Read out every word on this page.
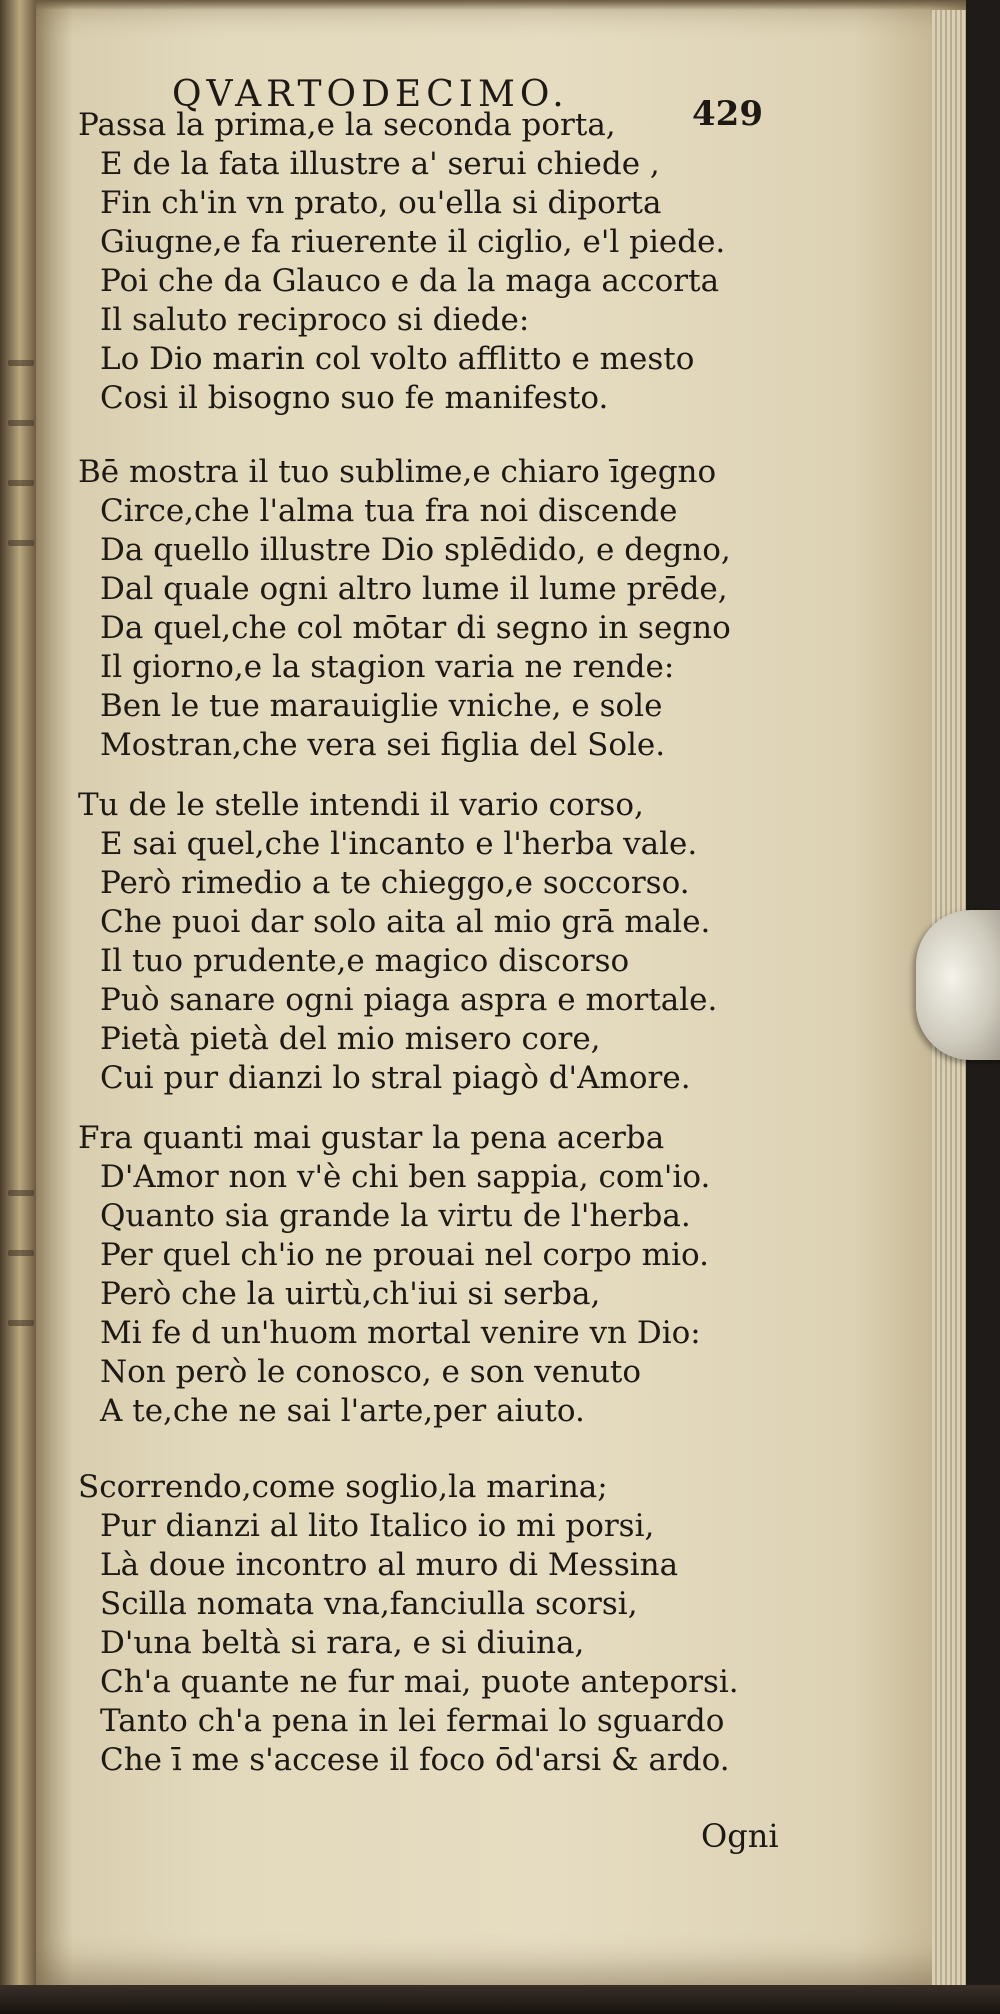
QVARTODECIMO.	429
Passa la prima,e la seconda porta,
E de la fata illustre a' serui chiede ,
Fin ch'in vn prato, ou'ella si diporta
Giugne,e fa riuerente il ciglio, e'l piede.
Poi che da Glauco e da la maga accorta
Il saluto reciproco si diede:
Lo Dio marin col volto afflitto e mesto
Cosi il bisogno suo fe manifesto.
Bē mostra il tuo sublime,e chiaro īgegno
Circe,che l'alma tua fra noi discende
Da quello illustre Dio splēdido, e degno,
Dal quale ogni altro lume il lume prēde,
Da quel,che col mōtar di segno in segno
Il giorno,e la stagion varia ne rende:
Ben le tue marauiglie vniche, e sole
Mostran,che vera sei figlia del Sole.
Tu de le stelle intendi il vario corso,
E sai quel,che l'incanto e l'herba vale.
Però rimedio a te chieggo,e soccorso.
Che puoi dar solo aita al mio grā male.
Il tuo prudente,e magico discorso
Può sanare ogni piaga aspra e mortale.
Pietà pietà del mio misero core,
Cui pur dianzi lo stral piagò d'Amore.
Fra quanti mai gustar la pena acerba
D'Amor non v'è chi ben sappia, com'io.
Quanto sia grande la virtu de l'herba.
Per quel ch'io ne prouai nel corpo mio.
Però che la uirtù,ch'iui si serba,
Mi fe d un'huom mortal venire vn Dio:
Non però le conosco, e son venuto
A te,che ne sai l'arte,per aiuto.
Scorrendo,come soglio,la marina;
Pur dianzi al lito Italico io mi porsi,
Là doue incontro al muro di Messina
Scilla nomata vna,fanciulla scorsi,
D'una beltà si rara, e si diuina,
Ch'a quante ne fur mai, puote anteporsi.
Tanto ch'a pena in lei fermai lo sguardo
Che ī me s'accese il foco ōd'arsi & ardo.
Ogni
